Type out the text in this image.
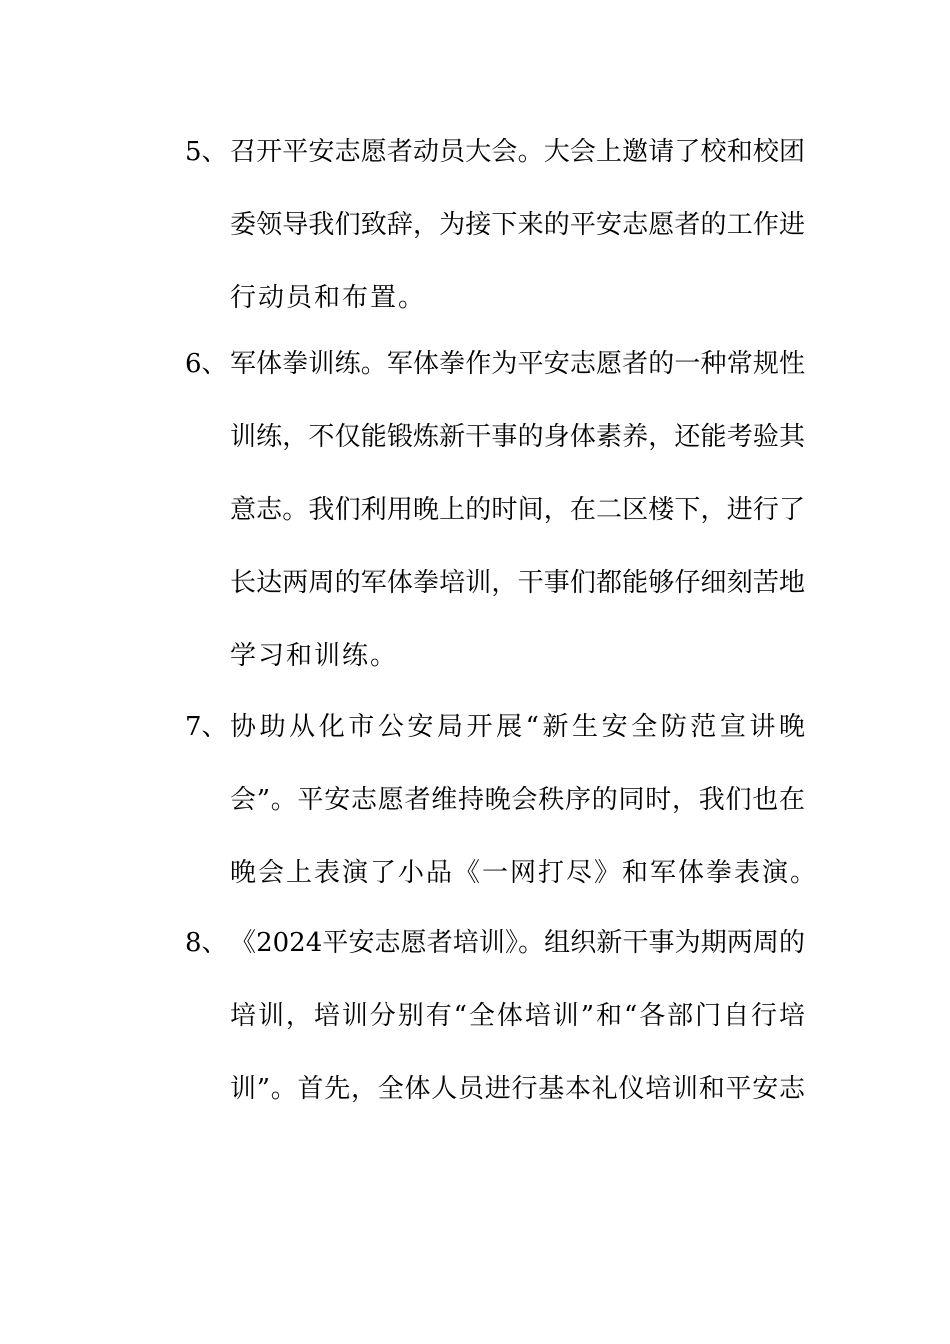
5、 召开平安志愿者动员大会。大会上邀请了校和校团
委领导我们致辞，为接下来的平安志愿者的工作进
行动员和布置。
6、 军体拳训练。军体拳作为平安志愿者的一种常规性
训练，不仅能锻炼新干事的身体素养，还能考验其
意志。我们利用晚上的时间，在二区楼下，进行了
长达两周的军体拳培训，干事们都能够仔细刻苦地
学习和训练。
7、 协助从化市公安局开展“新生安全防范宣讲晚
会”。平安志愿者维持晚会秩序的同时，我们也在
晚会上表演了小品《一网打尽》和军体拳表演。
8、 《2024平安志愿者培训》。组织新干事为期两周的
培训，培训分别有“全体培训”和“各部门自行培
训”。首先，全体人员进行基本礼仪培训和平安志
